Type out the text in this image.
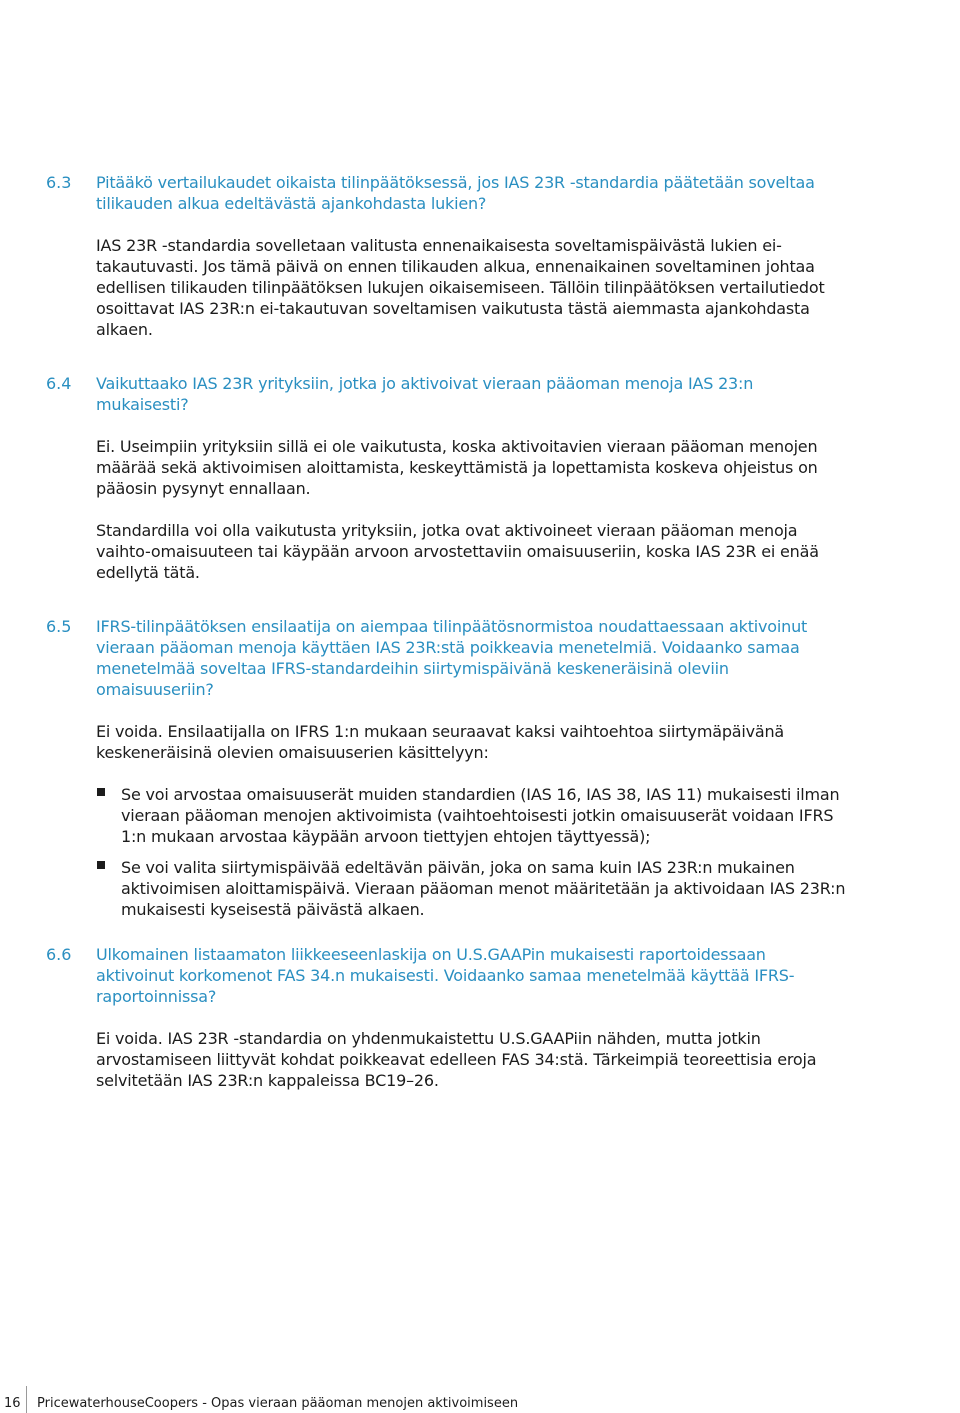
6.3 Pitääkö vertailukaudet oikaista tilinpäätöksessä, jos IAS 23R -standardia päätetään soveltaa tilikauden alkua edeltävästä ajankohdasta lukien?
IAS 23R -standardia sovelletaan valitusta ennenaikaisesta soveltamispäivästä lukien ei-takautuvasti. Jos tämä päivä on ennen tilikauden alkua, ennenaikainen soveltaminen johtaa edellisen tilikauden tilinpäätöksen lukujen oikaisemiseen. Tällöin tilinpäätöksen vertailutiedot osoittavat IAS 23R:n ei-takautuvan soveltamisen vaikutusta tästä aiemmasta ajankohdasta alkaen.
6.4 Vaikuttaako IAS 23R yrityksiin, jotka jo aktivoivat vieraan pääoman menoja IAS 23:n mukaisesti?
Ei. Useimpiin yrityksiin sillä ei ole vaikutusta, koska aktivoitavien vieraan pääoman menojen määrää sekä aktivoimisen aloittamista, keskeyttämistä ja lopettamista koskeva ohjeistus on pääosin pysynyt ennallaan.
Standardilla voi olla vaikutusta yrityksiin, jotka ovat aktivoineet vieraan pääoman menoja vaihto-omaisuuteen tai käypään arvoon arvostettaviin omaisuuseriin, koska IAS 23R ei enää edellytä tätä.
6.5 IFRS-tilinpäätöksen ensilaatija on aiempaa tilinpäätösnormistoa noudattaessaan aktivoinut vieraan pääoman menoja käyttäen IAS 23R:stä poikkeavia menetelmiä. Voidaanko samaa menetelmää soveltaa IFRS-standardeihin siirtymispäivänä keskeneräisinä oleviin omaisuuseriin?
Ei voida. Ensilaatijalla on IFRS 1:n mukaan seuraavat kaksi vaihtoehtoa siirtymäpäivänä keskeneräisinä olevien omaisuuserien käsittelyyn:
Se voi arvostaa omaisuuserät muiden standardien (IAS 16, IAS 38, IAS 11) mukaisesti ilman vieraan pääoman menojen aktivoimista (vaihtoehtoisesti jotkin omaisuuserät voidaan IFRS 1:n mukaan arvostaa käypään arvoon tiettyjen ehtojen täyttyessä);
Se voi valita siirtymispäivää edeltävän päivän, joka on sama kuin IAS 23R:n mukainen aktivoimisen aloittamispäivä. Vieraan pääoman menot määritetään ja aktivoidaan IAS 23R:n mukaisesti kyseisestä päivästä alkaen.
6.6 Ulkomainen listaamaton liikkeeseenlaskija on U.S.GAAPin mukaisesti raportoidessaan aktivoinut korkomenot FAS 34.n mukaisesti. Voidaanko samaa menetelmää käyttää IFRS-raportoinnissa?
Ei voida. IAS 23R -standardia on yhdenmukaistettu U.S.GAAPiin nähden, mutta jotkin arvostamiseen liittyvät kohdat poikkeavat edelleen FAS 34:stä. Tärkeimpiä teoreettisia eroja selvitetään IAS 23R:n kappaleissa BC19–26.
16 PricewaterhouseCoopers - Opas vieraan pääoman menojen aktivoimiseen
